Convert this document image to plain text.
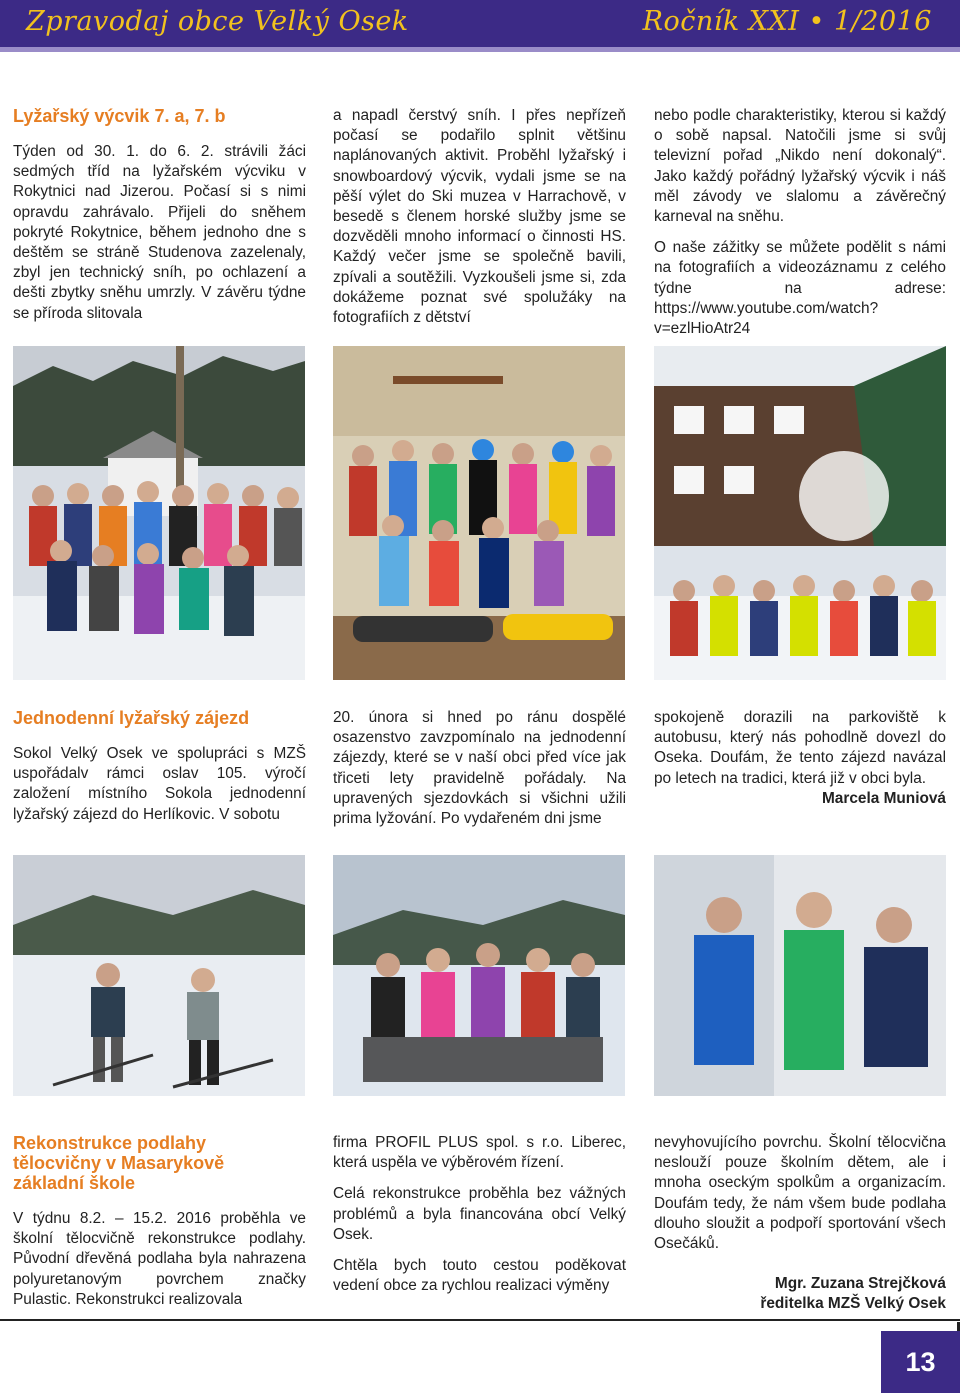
Zpravodaj obce Velký Osek	Ročník XXI • 1/2016
Lyžařský výcvik 7. a, 7. b

Týden od 30. 1. do 6. 2. strávili žáci sedmých tříd na lyžařském výcviku v Rokytnici nad Jizerou. Počasí si s nimi opravdu zahrávalo. Přijeli do sněhem pokryté Rokytnice, během jednoho dne s deštěm se stráně Studenova zazelenaly, zbyl jen technický sníh, po ochlazení a dešti zbytky sněhu umrzly. V závěru týdne se příroda slitovala

a napadl čerstvý sníh. I přes nepřízeň počasí se podařilo splnit většinu naplánovaných aktivit. Proběhl lyžařský i snowboardový výcvik, vydali jsme se na pěší výlet do Ski muzea v Harrachově, v besedě s členem horské služby jsme se dozvěděli mnoho informací o činnosti HS. Každý večer jsme se společně bavili, zpívali a soutěžili. Vyzkoušeli jsme si, zda dokážeme poznat své spolužáky na fotografiích z dětství

nebo podle charakteristiky, kterou si každý o sobě napsal. Natočili jsme si svůj televizní pořad „Nikdo není dokonalý“. Jako každý pořádný lyžařský výcvik i náš měl závody ve slalomu a závěrečný karneval na sněhu.

O naše zážitky se můžete podělit s námi na fotografiích a videozáznamu z celého týdne na adrese: https://www.youtube.com/watch?v=ezlHioAtr24

Jednodenní lyžařský zájezd

Sokol Velký Osek ve spolupráci s MZŠ uspořádalv rámci oslav 105. výročí založení místního Sokola jednodenní lyžařský zájezd do Herlíkovic. V sobotu

20. února si hned po ránu dospělé osazenstvo zavzpomínalo na jednodenní zájezdy, které se v naší obci před více jak třiceti lety pravidelně pořádaly. Na upravených sjezdovkách si všichni užili prima lyžování. Po vydařeném dni jsme

spokojeně dorazili na parkoviště k autobusu, který nás pohodlně dovezl do Oseka. Doufám, že tento zájezd navázal po letech na tradici, která již v obci byla.

Marcela Muniová
Rekonstrukce podlahy tělocvičny v Masarykově základní škole

V týdnu 8.2. – 15.2. 2016 proběhla ve školní tělocvičně rekonstrukce podlahy. Původní dřevěná podlaha byla nahrazena polyuretanovým povrchem značky Pulastic. Rekonstrukci realizovala

firma PROFIL PLUS spol. s r.o. Liberec, která uspěla ve výběrovém řízení.

Celá rekonstrukce proběhla bez vážných problémů a byla financována obcí Velký Osek.

Chtěla bych touto cestou poděkovat vedení obce za rychlou realizaci výměny

nevyhovujícího povrchu. Školní tělocvična neslouží pouze školním dětem, ale i mnoha oseckým spolkům a organizacím. Doufám tedy, že nám všem bude podlaha dlouho sloužit a podpoří sportování všech Osečáků.

Mgr. Zuzana Strejčková
ředitelka MZŠ Velký Osek
13
